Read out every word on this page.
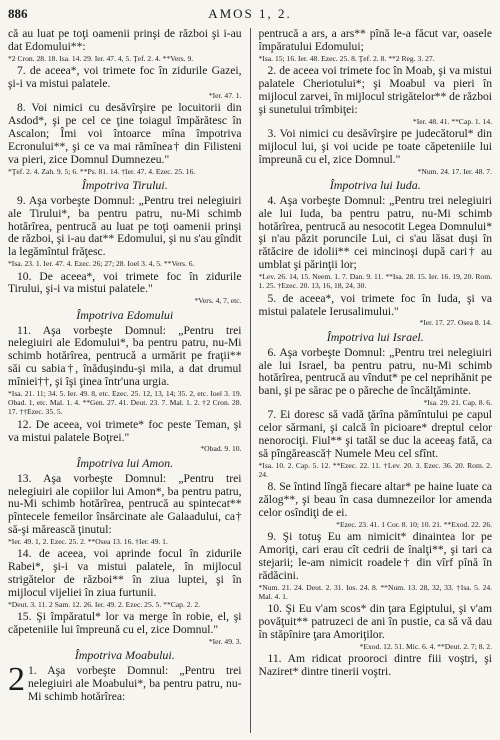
886	AMOS 1, 2.

că au luat pe toţi oamenii prinşi de război şi i-au dat Edomului**:

*2 Cron. 28. 18. Isa. 14. 29. Ier. 47. 4, 5. Ţef. 2. 4. **Vers. 9.

7. de aceea*, voi trimete foc în zidurile Gazei, şi-i va mistui palatele.

*Ier. 47. 1.

8. Voi nimici cu desăvîrşire pe locuitorii din Asdod*, şi pe cel ce ţine toiagul împărătesc în Ascalon; Îmi voi întoarce mîna împotriva Ecronului**, şi ce va mai rămînea† din Filisteni va pieri, zice Domnul Dumnezeu."

*Ţef. 2. 4. Zah. 9. 5; 6. **Ps. 81. 14. †Ier. 47. 4. Ezec. 25. 16.

Împotriva Tirului.

9. Aşa vorbeşte Domnul: „Pentru trei nelegiuiri ale Tirului*, ba pentru patru, nu-Mi schimb hotărîrea, pentrucă au luat pe toţi oamenii prinşi de război, şi i-au dat** Edomului, şi nu s'au gîndit la legămîntul frăţesc.

*Isa. 23. 1. Ier. 47. 4. Ezec. 26; 27; 28. Ioel 3. 4, 5. **Vers. 6.

10. De aceea*, voi trimete foc în zidurile Tirului, şi-i va mistui palatele."

*Vers. 4, 7, etc.

Împotriva Edomului

11. Aşa vorbeşte Domnul: „Pentru trei nelegiuiri ale Edomului*, ba pentru patru, nu-Mi schimb hotărîrea, pentrucă a urmărit pe fraţii** săi cu sabia†, înăduşindu-şi mila, a dat drumul mîniei††, şi îşi ţinea într'una urgia.

*Isa. 21. 11; 34. 5. Ier. 49. 8, etc. Ezec. 25. 12, 13, 14; 35. 2, etc. Ioel 3. 19. Obad. 1, etc. Mal. 1. 4. **Gen. 27. 41. Deut. 23. 7. Mal. 1. 2. †2 Cron. 28. 17. ††Ezec. 35. 5.

12. De aceea, voi trimete* foc peste Teman, şi va mistui palatele Boţrei."

*Obad. 9. 10.

Împotriva lui Amon.

13. Aşa vorbeşte Domnul: „Pentru trei nelegiuiri ale copiilor lui Amon*, ba pentru patru, nu-Mi schimb hotărîrea, pentrucă au spintecat** pîntecele femeilor însărcinate ale Galaadului, ca† să-şi mărească ţinutul:

*Ier. 49. 1, 2. Ezec. 25. 2. **Osea 13. 16. †Ier. 49. 1.

14. de aceea, voi aprinde focul în zidurile Rabei*, şi-i va mistui palatele, în mijlocul strigătelor de război** în ziua luptei, şi în mijlocul vijeliei în ziua furtunii.

*Deut. 3. 11. 2 Sam. 12. 26. Ier. 49. 2. Ezec. 25. 5. **Cap. 2. 2.

15. Şi împăratul* lor va merge în robie, el, şi căpeteniile lui împreună cu el, zice Domnul."

*Ier. 49. 3.

Împotriva Moabului.

2 1. Aşa vorbeşte Domnul: „Pentru trei nelegiuiri ale Moabului*, ba pentru patru, nu-Mi schimb hotărîrea:

pentrucă a ars, a ars** pînă le-a făcut var, oasele împăratului Edomului;

*Isa. 15; 16. Ier. 48. Ezec. 25. 8. Ţef. 2. 8. **2 Reg. 3. 27.

2. de aceea voi trimete foc în Moab, şi va mistui palatele Cheriotului*; şi Moabul va pieri în mijlocul zarvei, în mijlocul strigătelor** de război şi sunetului trîmbiţei:

*Ier. 48. 41. **Cap. 1. 14.

3. Voi nimici cu desăvîrşire pe judecătorul* din mijlocul lui, şi voi ucide pe toate căpeteniile lui împreună cu el, zice Domnul."

*Num. 24. 17. Ier. 48. 7.

Împotriva lui Iuda.

4. Aşa vorbeşte Domnul: „Pentru trei nelegiuiri ale lui Iuda, ba pentru patru, nu-Mi schimb hotărîrea, pentrucă au nesocotit Legea Domnului* şi n'au păzit poruncile Lui, ci s'au lăsat duşi în rătăcire de idolii** cei mincinoşi după cari† au umblat şi părinţii lor;

*Lev. 26. 14, 15. Neem. 1. 7. Dan. 9. 11. **Isa. 28. 15. Ier. 16. 19, 20. Rom. 1. 25. †Ezec. 20. 13, 16, 18, 24, 30.

5. de aceea*, voi trimete foc în Iuda, şi va mistui palatele Ierusalimului."

*Ier. 17. 27. Osea 8. 14.

Împotriva lui Israel.

6. Aşa vorbeşte Domnul: „Pentru trei nelegiuiri ale lui Israel, ba pentru patru, nu-Mi schimb hotărîrea, pentrucă au vîndut* pe cel neprihănit pe bani, şi pe sărac pe o păreche de încălţăminte.

*Isa. 29. 21. Cap. 8. 6.

7. Ei doresc să vadă ţărîna pămîntului pe capul celor sărmani, şi calcă în picioare* dreptul celor nenorociţi. Fiul** şi tatăl se duc la aceeaş fată, ca să pîngărească† Numele Meu cel sfînt.

*Isa. 10. 2. Cap. 5. 12. **Ezec. 22. 11. †Lev. 20. 3. Ezec. 36. 20. Rom. 2. 24.

8. Se întind lîngă fiecare altar* pe haine luate ca zălog**, şi beau în casa dumnezeilor lor amenda celor osîndiţi de ei.

*Ezec. 23. 41. 1 Cor. 8. 10; 10. 21. **Exod. 22. 26.

9. Şi totuş Eu am nimicit* dinaintea lor pe Amoriţi, cari erau cît cedrii de înalţi**, şi tari ca stejarii; le-am nimicit roadele† din vîrf pînă în rădăcini.

*Num. 21. 24. Deut. 2. 31. Ios. 24. 8. **Num. 13. 28, 32, 33. †Isa. 5. 24. Mal. 4. 1.

10. Şi Eu v'am scos* din ţara Egiptului, şi v'am povăţuit** patruzeci de ani în pustie, ca să vă dau în stăpînire ţara Amoriţilor.

*Exod. 12. 51. Mic. 6. 4. **Deut. 2. 7; 8. 2.

11. Am ridicat prooroci dintre fiii voştri, şi Naziret* dintre tinerii voştri.
